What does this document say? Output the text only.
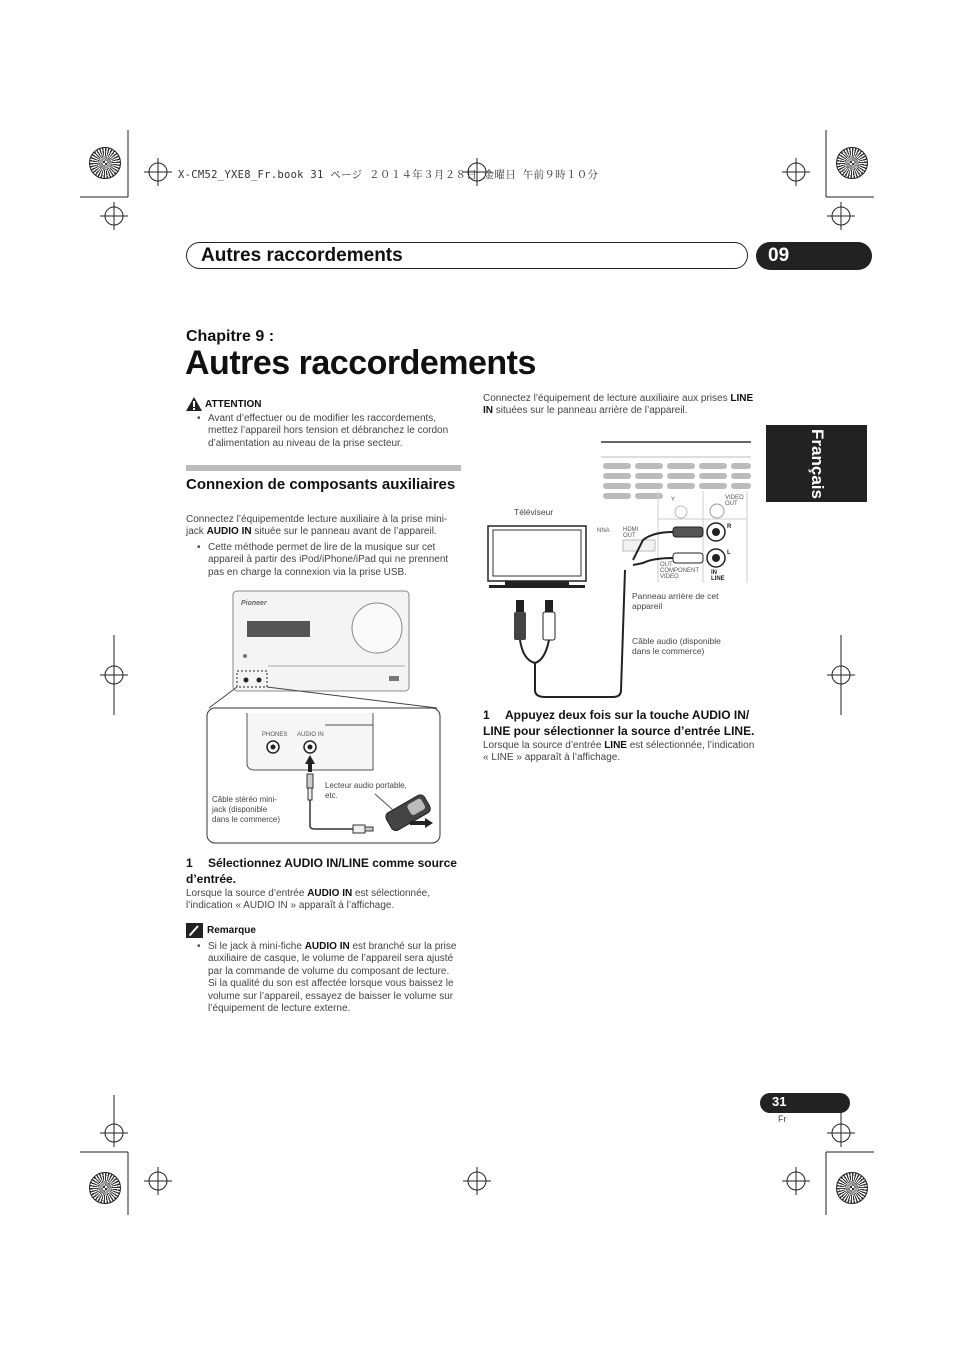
X-CM52_YXE8_Fr.book 31 ページ ２０１４年３月２８日 金曜日 午前９時１０分
Autres raccordements	09
Chapitre 9 :
Autres raccordements
Français
ATTENTION
• Avant d’effectuer ou de modifier les raccordements, mettez l’appareil hors tension et débranchez le cordon d’alimentation au niveau de la prise secteur.
Connexion de composants auxiliaires
Connectez l’équipementde lecture auxiliaire à la prise mini-jack AUDIO IN située sur le panneau avant de l’appareil.
• Cette méthode permet de lire de la musique sur cet appareil à partir des iPod/iPhone/iPad qui ne prennent pas en charge la connexion via la prise USB.
Pioneer
PHONES AUDIO IN
Câble stéréo mini-jack (disponible dans le commerce)
Lecteur audio portable, etc.
1 Sélectionnez AUDIO IN/LINE comme source d’entrée.
Lorsque la source d’entrée AUDIO IN est sélectionnée, l’indication « AUDIO IN » apparaît à l’affichage.
Remarque
• Si le jack à mini-fiche AUDIO IN est branché sur la prise auxiliaire de casque, le volume de l’appareil sera ajusté par la commande de volume du composant de lecture. Si la qualité du son est affectée lorsque vous baissez le volume sur l’appareil, essayez de baisser le volume sur l’équipement de lecture externe.
Connectez l’équipement de lecture auxiliaire aux prises LINE IN situées sur le panneau arrière de l’appareil.
Y	VIDEO OUT
NNA HDMI OUT
OUT COMPONENT VIDEO
R
L
IN LINE
Téléviseur
Panneau arrière de cet appareil
Câble audio (disponible dans le commerce)
1 Appuyez deux fois sur la touche AUDIO IN/ LINE pour sélectionner la source d’entrée LINE.
Lorsque la source d’entrée LINE est sélectionnée, l’indication « LINE » apparaît à l’affichage.
31
Fr
